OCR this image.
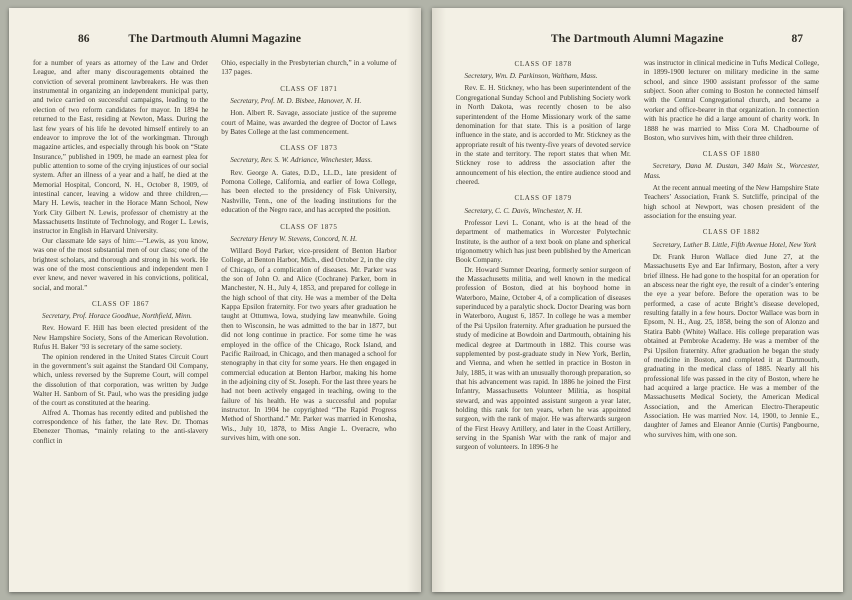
86	The Dartmouth Alumni Magazine

for a number of years as attorney of the Law and Order League, and after many discouragements obtained the conviction of several prominent lawbreakers. He was then instrumental in organizing an independent municipal party, and twice carried on successful campaigns, leading to the election of two reform candidates for mayor. In 1894 he returned to the East, residing at Newton, Mass. During the last few years of his life he devoted himself entirely to an endeavor to improve the lot of the workingman. Through magazine articles, and especially through his book on “State Insurance,” published in 1909, he made an earnest plea for public attention to some of the crying injustices of our social system. After an illness of a year and a half, he died at the Memorial Hospital, Concord, N. H., October 8, 1909, of intestinal cancer, leaving a widow and three children,—Mary H. Lewis, teacher in the Horace Mann School, New York City Gilbert N. Lewis, professor of chemistry at the Massachusetts Institute of Technology, and Roger L. Lewis, instructor in English in Harvard University.

Our classmate Ide says of him:—“Lewis, as you know, was one of the most substantial men of our class; one of the brightest scholars, and thorough and strong in his work. He was one of the most conscientious and independent men I ever knew, and never wavered in his convictions, political, social, and moral.”

CLASS OF 1867

Secretary, Prof. Horace Goodhue, Northfield, Minn.

Rev. Howard F. Hill has been elected president of the New Hampshire Society, Sons of the American Revolution. Rufus H. Baker ’93 is secretary of the same society.

The opinion rendered in the United States Circuit Court in the government’s suit against the Standard Oil Company, which, unless reversed by the Supreme Court, will compel the dissolution of that corporation, was written by Judge Walter H. Sanborn of St. Paul, who was the presiding judge of the court as constituted at the hearing.

Alfred A. Thomas has recently edited and published the correspondence of his father, the late Rev. Dr. Thomas Ebenezer Thomas, “mainly relating to the anti-slavery conflict in

Ohio, especially in the Presbyterian church,” in a volume of 137 pages.

CLASS OF 1871

Secretary, Prof. M. D. Bisbee, Hanover, N. H.

Hon. Albert R. Savage, associate justice of the supreme court of Maine, was awarded the degree of Doctor of Laws by Bates College at the last commencement.

CLASS OF 1873

Secretary, Rev. S. W. Adriance, Winchester, Mass.

Rev. George A. Gates, D.D., LL.D., late president of Pomona College, California, and earlier of Iowa College, has been elected to the presidency of Fisk University, Nashville, Tenn., one of the leading institutions for the education of the Negro race, and has accepted the position.

CLASS OF 1875

Secretary Henry W. Stevens, Concord, N. H.

Willard Boyd Parker, vice-president of Benton Harbor College, at Benton Harbor, Mich., died October 2, in the city of Chicago, of a complication of diseases. Mr. Parker was the son of John O. and Alice (Cochrane) Parker, born in Manchester, N. H., July 4, 1853, and prepared for college in the high school of that city. He was a member of the Delta Kappa Epsilon fraternity. For two years after graduation he taught at Ottumwa, Iowa, studying law meanwhile. Going then to Wisconsin, he was admitted to the bar in 1877, but did not long continue in practice. For some time he was employed in the office of the Chicago, Rock Island, and Pacific Railroad, in Chicago, and then managed a school for stenography in that city for some years. He then engaged in commercial education at Benton Harbor, making his home in the adjoining city of St. Joseph. For the last three years he had not been actively engaged in teaching, owing to the failure of his health. He was a successful and popular instructor. In 1904 he copyrighted “The Rapid Progress Method of Shorthand.” Mr. Parker was married in Kenosha, Wis., July 10, 1878, to Miss Angie L. Overacre, who survives him, with one son.

The Dartmouth Alumni Magazine	87

CLASS OF 1878

Secretary, Wm. D. Parkinson, Waltham, Mass.

Rev. E. H. Stickney, who has been superintendent of the Congregational Sunday School and Publishing Society work in North Dakota, was recently chosen to be also superintendent of the Home Missionary work of the same denomination for that state. This is a position of large influence in the state, and is accorded to Mr. Stickney as the appropriate result of his twenty-five years of devoted service in the state and territory. The report states that when Mr. Stickney rose to address the association after the announcement of his election, the entire audience stood and cheered.

CLASS OF 1879

Secretary, C. C. Davis, Winchester, N. H.

Professor Levi L. Conant, who is at the head of the department of mathematics in Worcester Polytechnic Institute, is the author of a text book on plane and spherical trigonometry which has just been published by the American Book Company.

Dr. Howard Sumner Dearing, formerly senior surgeon of the Massachusetts militia, and well known in the medical profession of Boston, died at his boyhood home in Waterboro, Maine, October 4, of a complication of diseases superinduced by a paralytic shock. Doctor Dearing was born in Waterboro, August 6, 1857. In college he was a member of the Psi Upsilon fraternity. After graduation he pursued the study of medicine at Bowdoin and Dartmouth, obtaining his medical degree at Dartmouth in 1882. This course was supplemented by post-graduate study in New York, Berlin, and Vienna, and when he settled in practice in Boston in July, 1885, it was with an unusually thorough preparation, so that his advancement was rapid. In 1886 he joined the First Infantry, Massachusetts Volunteer Militia, as hospital steward, and was appointed assistant surgeon a year later, holding this rank for ten years, when he was appointed surgeon, with the rank of major. He was afterwards surgeon of the First Heavy Artillery, and later in the Coast Artillery, serving in the Spanish War with the rank of major and surgeon of volunteers. In 1896-9 he

was instructor in clinical medicine in Tufts Medical College, in 1899-1900 lecturer on military medicine in the same school, and since 1900 assistant professor of the same subject. Soon after coming to Boston he connected himself with the Central Congregational church, and became a worker and office-bearer in that organization. In connection with his practice he did a large amount of charity work. In 1888 he was married to Miss Cora M. Chadbourne of Boston, who survives him, with their three children.

CLASS OF 1880

Secretary, Dana M. Dustan, 340 Main St., Worcester, Mass.

At the recent annual meeting of the New Hampshire State Teachers’ Association, Frank S. Sutcliffe, principal of the high school at Newport, was chosen president of the association for the ensuing year.

CLASS OF 1882

Secretary, Luther B. Little, Fifth Avenue Hotel, New York

Dr. Frank Huron Wallace died June 27, at the Massachusetts Eye and Ear Infirmary, Boston, after a very brief illness. He had gone to the hospital for an operation for an abscess near the right eye, the result of a cinder’s entering the eye a year before. Before the operation was to be performed, a case of acute Bright’s disease developed, resulting fatally in a few hours. Doctor Wallace was born in Epsom, N. H., Aug. 25, 1858, being the son of Alonzo and Statira Babb (White) Wallace. His college preparation was obtained at Pembroke Academy. He was a member of the Psi Upsilon fraternity. After graduation he began the study of medicine in Boston, and completed it at Dartmouth, graduating in the medical class of 1885. Nearly all his professional life was passed in the city of Boston, where he had acquired a large practice. He was a member of the Massachusetts Medical Society, the American Medical Association, and the American Electro-Therapeutic Association. He was married Nov. 14, 1900, to Jennie E., daughter of James and Eleanor Annie (Curtis) Pangbourne, who survives him, with one son.
